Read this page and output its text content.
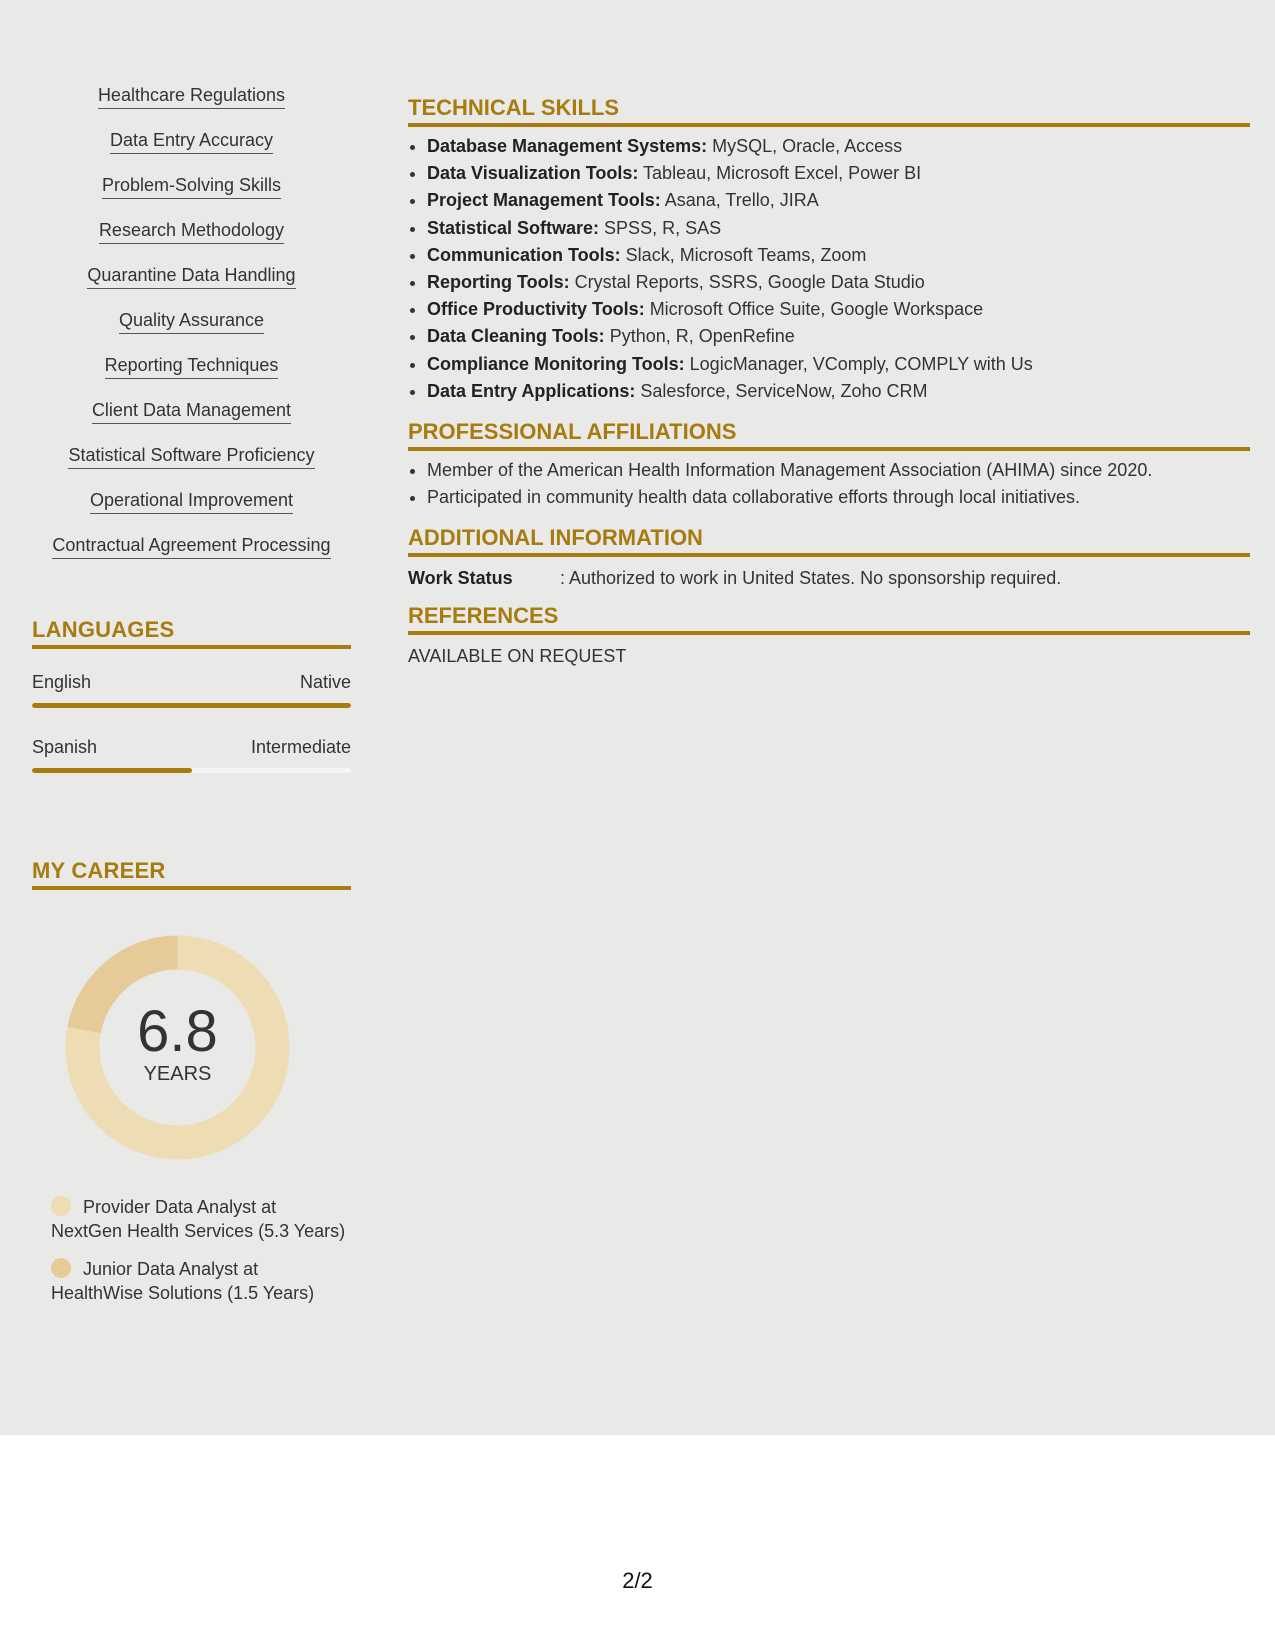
Healthcare Regulations
Data Entry Accuracy
Problem-Solving Skills
Research Methodology
Quarantine Data Handling
Quality Assurance
Reporting Techniques
Client Data Management
Statistical Software Proficiency
Operational Improvement
Contractual Agreement Processing
LANGUAGES
English	Native
Spanish	Intermediate
MY CAREER
6.8
YEARS
Provider Data Analyst at NextGen Health Services (5.3 Years)
Junior Data Analyst at HealthWise Solutions (1.5 Years)
TECHNICAL SKILLS
• Database Management Systems: MySQL, Oracle, Access
• Data Visualization Tools: Tableau, Microsoft Excel, Power BI
• Project Management Tools: Asana, Trello, JIRA
• Statistical Software: SPSS, R, SAS
• Communication Tools: Slack, Microsoft Teams, Zoom
• Reporting Tools: Crystal Reports, SSRS, Google Data Studio
• Office Productivity Tools: Microsoft Office Suite, Google Workspace
• Data Cleaning Tools: Python, R, OpenRefine
• Compliance Monitoring Tools: LogicManager, VComply, COMPLY with Us
• Data Entry Applications: Salesforce, ServiceNow, Zoho CRM
PROFESSIONAL AFFILIATIONS
• Member of the American Health Information Management Association (AHIMA) since 2020.
• Participated in community health data collaborative efforts through local initiatives.
ADDITIONAL INFORMATION
Work Status	: Authorized to work in United States. No sponsorship required.
REFERENCES
AVAILABLE ON REQUEST
2/2
